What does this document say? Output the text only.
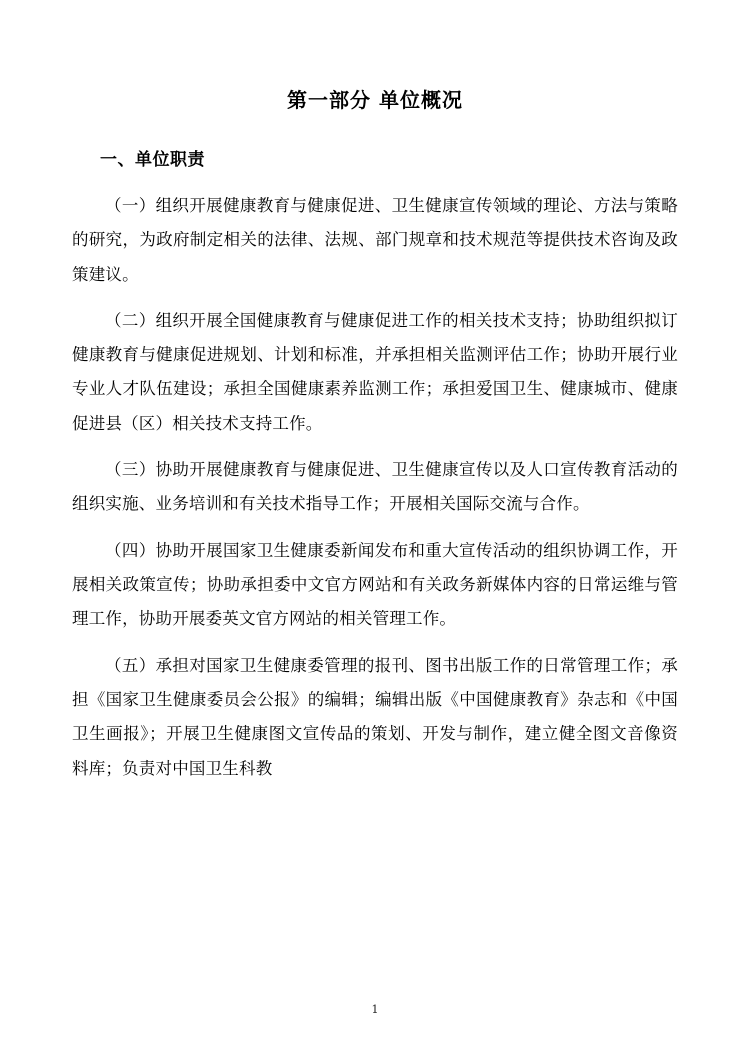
第一部分 单位概况
一、单位职责

（一）组织开展健康教育与健康促进、卫生健康宣传领域的理论、方法与策略的研究，为政府制定相关的法律、法规、部门规章和技术规范等提供技术咨询及政策建议。

（二）组织开展全国健康教育与健康促进工作的相关技术支持；协助组织拟订健康教育与健康促进规划、计划和标准，并承担相关监测评估工作；协助开展行业专业人才队伍建设；承担全国健康素养监测工作；承担爱国卫生、健康城市、健康促进县（区）相关技术支持工作。

（三）协助开展健康教育与健康促进、卫生健康宣传以及人口宣传教育活动的组织实施、业务培训和有关技术指导工作；开展相关国际交流与合作。

（四）协助开展国家卫生健康委新闻发布和重大宣传活动的组织协调工作，开展相关政策宣传；协助承担委中文官方网站和有关政务新媒体内容的日常运维与管理工作，协助开展委英文官方网站的相关管理工作。

（五）承担对国家卫生健康委管理的报刊、图书出版工作的日常管理工作；承担《国家卫生健康委员会公报》的编辑；编辑出版《中国健康教育》杂志和《中国卫生画报》；开展卫生健康图文宣传品的策划、开发与制作，建立健全图文音像资料库；负责对中国卫生科教

1
